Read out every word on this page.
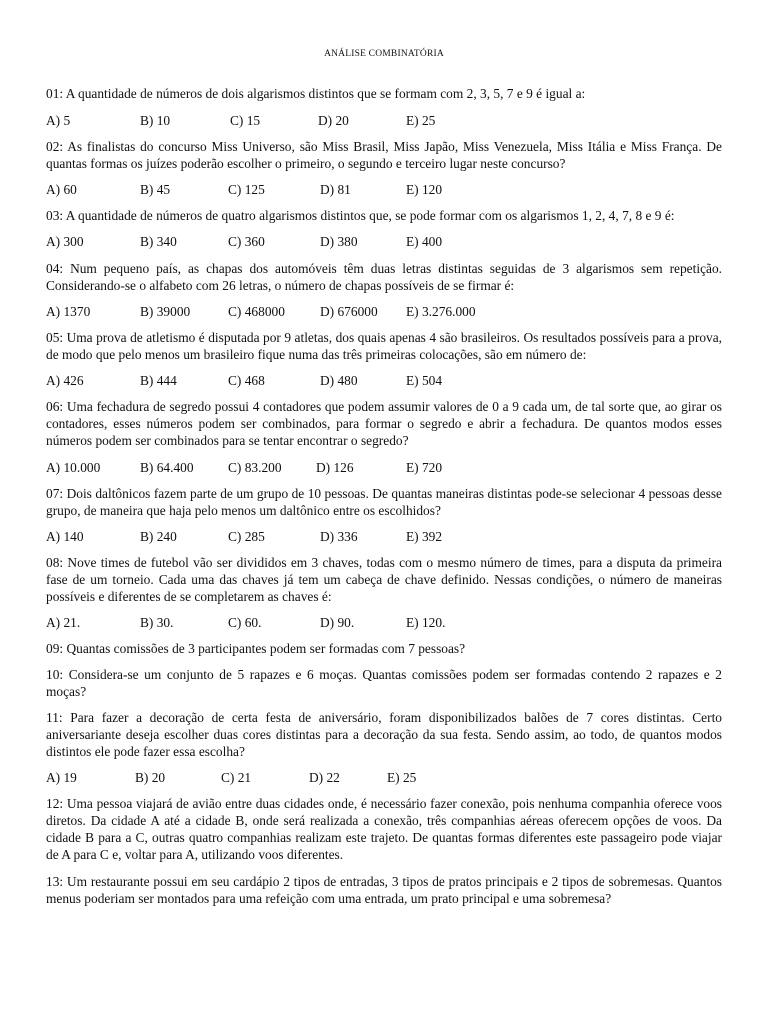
ANÁLISE COMBINATÓRIA

01: A quantidade de números de dois algarismos distintos que se formam com 2, 3, 5, 7 e 9 é igual a:

A) 5	B) 10	C) 15	D) 20	E) 25

02: As finalistas do concurso Miss Universo, são Miss Brasil, Miss Japão, Miss Venezuela, Miss Itália e Miss França. De quantas formas os juízes poderão escolher o primeiro, o segundo e terceiro lugar neste concurso?

A) 60	B) 45	C) 125	D) 81	E) 120

03: A quantidade de números de quatro algarismos distintos que, se pode formar com os algarismos 1, 2, 4, 7, 8 e 9 é:

A) 300	B) 340	C) 360	D) 380	E) 400

04: Num pequeno país, as chapas dos automóveis têm duas letras distintas seguidas de 3 algarismos sem repetição. Considerando-se o alfabeto com 26 letras, o número de chapas possíveis de se firmar é:

A) 1370	B) 39000	C) 468000	D) 676000 E) 3.276.000

05: Uma prova de atletismo é disputada por 9 atletas, dos quais apenas 4 são brasileiros. Os resultados possíveis para a prova, de modo que pelo menos um brasileiro fique numa das três primeiras colocações, são em número de:

A) 426	B) 444	C) 468	D) 480	E) 504

06: Uma fechadura de segredo possui 4 contadores que podem assumir valores de 0 a 9 cada um, de tal sorte que, ao girar os contadores, esses números podem ser combinados, para formar o segredo e abrir a fechadura. De quantos modos esses números podem ser combinados para se tentar encontrar o segredo?

A) 10.000	B) 64.400	C) 83.200	D) 126	E) 720

07: Dois daltônicos fazem parte de um grupo de 10 pessoas. De quantas maneiras distintas pode-se selecionar 4 pessoas desse grupo, de maneira que haja pelo menos um daltônico entre os escolhidos?

A) 140	B) 240	C) 285	D) 336	E) 392

08: Nove times de futebol vão ser divididos em 3 chaves, todas com o mesmo número de times, para a disputa da primeira fase de um torneio. Cada uma das chaves já tem um cabeça de chave definido. Nessas condições, o número de maneiras possíveis e diferentes de se completarem as chaves é:

A) 21.	B) 30.	C) 60.	D) 90.	E) 120.

09: Quantas comissões de 3 participantes podem ser formadas com 7 pessoas?

10: Considera-se um conjunto de 5 rapazes e 6 moças. Quantas comissões podem ser formadas contendo 2 rapazes e 2 moças?

11: Para fazer a decoração de certa festa de aniversário, foram disponibilizados balões de 7 cores distintas. Certo aniversariante deseja escolher duas cores distintas para a decoração da sua festa. Sendo assim, ao todo, de quantos modos distintos ele pode fazer essa escolha?

A) 19	B) 20	C) 21	D) 22	E) 25

12: Uma pessoa viajará de avião entre duas cidades onde, é necessário fazer conexão, pois nenhuma companhia oferece voos diretos. Da cidade A até a cidade B, onde será realizada a conexão, três companhias aéreas oferecem opções de voos. Da cidade B para a C, outras quatro companhias realizam este trajeto. De quantas formas diferentes este passageiro pode viajar de A para C e, voltar para A, utilizando voos diferentes.

13: Um restaurante possui em seu cardápio 2 tipos de entradas, 3 tipos de pratos principais e 2 tipos de sobremesas. Quantos menus poderiam ser montados para uma refeição com uma entrada, um prato principal e uma sobremesa?
